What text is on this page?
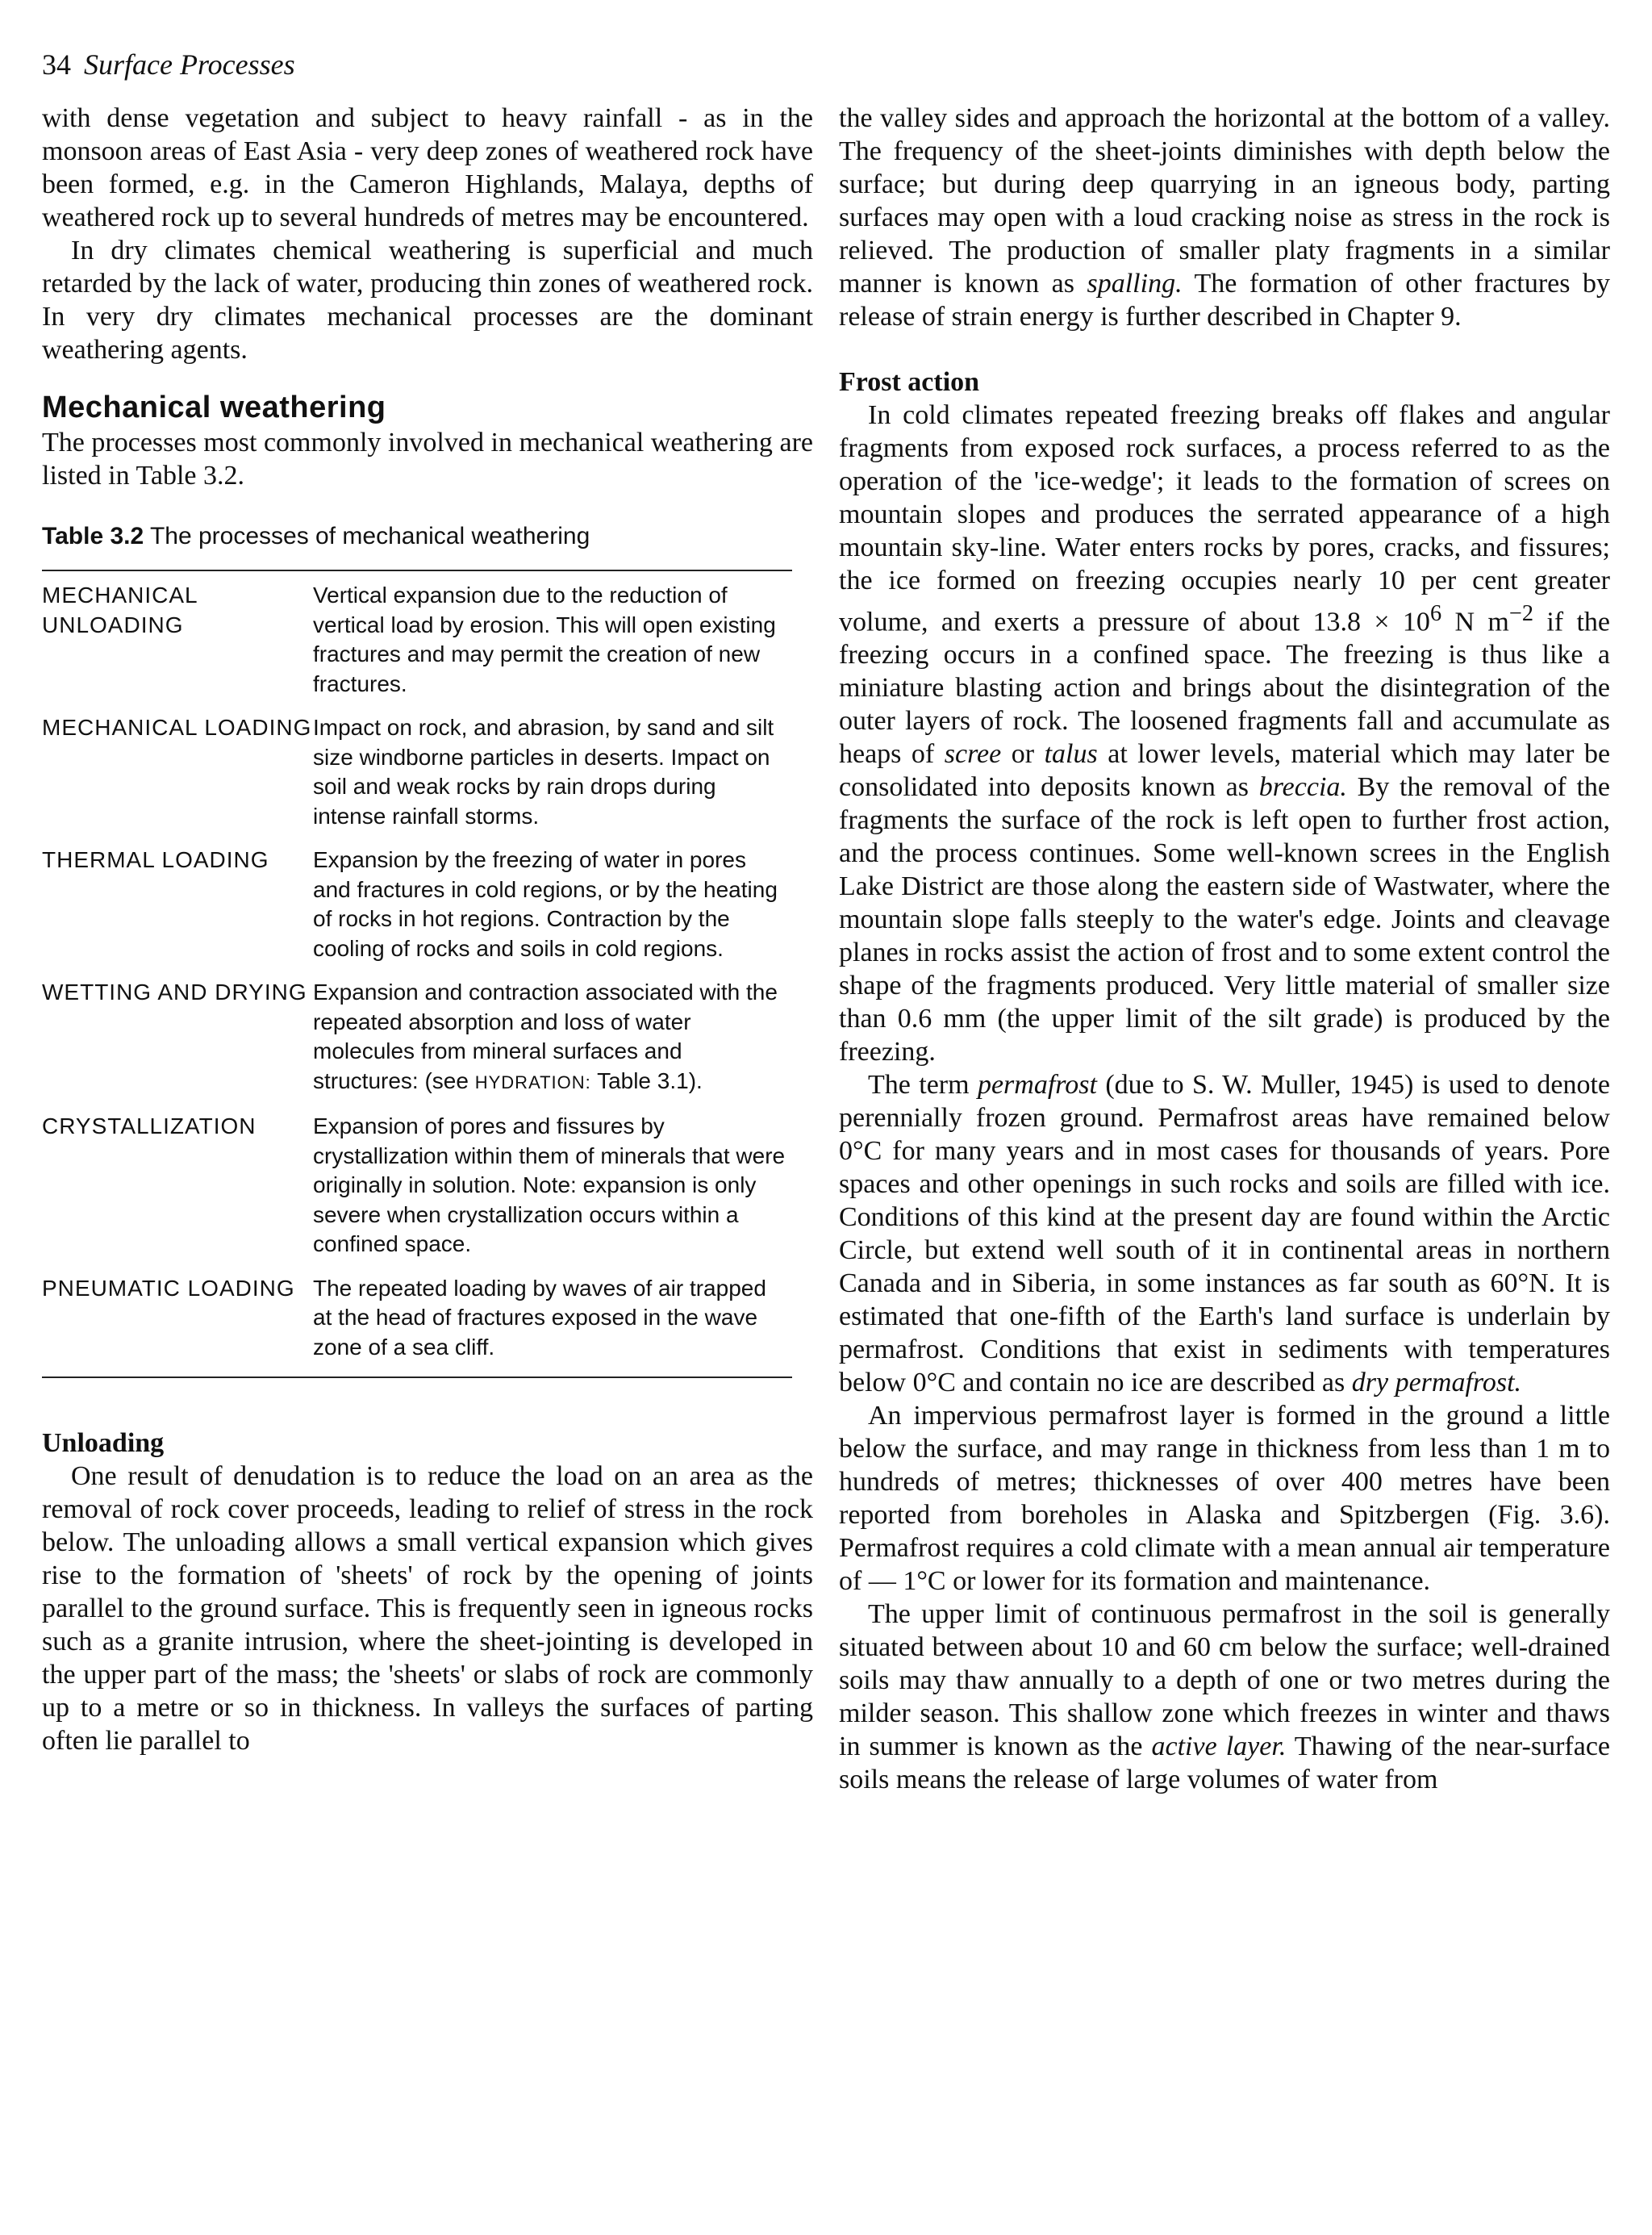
34 Surface Processes

with dense vegetation and subject to heavy rainfall - as in the monsoon areas of East Asia - very deep zones of weathered rock have been formed, e.g. in the Cameron Highlands, Malaya, depths of weathered rock up to several hundreds of metres may be encountered.

In dry climates chemical weathering is superficial and much retarded by the lack of water, producing thin zones of weathered rock. In very dry climates mechanical processes are the dominant weathering agents.

Mechanical weathering

The processes most commonly involved in mechanical weathering are listed in Table 3.2.

Table 3.2 The processes of mechanical weathering
MECHANICAL UNLOADING
Vertical expansion due to the reduction of vertical load by erosion. This will open existing fractures and may permit the creation of new fractures.
MECHANICAL LOADING Impact on rock, and abrasion, by sand and silt size windborne particles in deserts. Impact on soil and weak rocks by rain drops during intense rainfall storms.
THERMAL LOADING	Expansion by the freezing of water in pores and fractures in cold regions, or by the heating of rocks in hot regions. Contraction by the cooling of rocks and soils in cold regions.
WETTING AND DRYING Expansion and contraction associated with the repeated absorption and loss of water molecules from mineral surfaces and structures: (see HYDRATION: Table 3.1).
CRYSTALLIZATION	Expansion of pores and fissures by crystallization within them of minerals that were originally in solution. Note: expansion is only severe when crystallization occurs within a confined space.
PNEUMATIC LOADING The repeated loading by waves of air trapped at the head of fractures exposed in the wave zone of a sea cliff.
Unloading

One result of denudation is to reduce the load on an area as the removal of rock cover proceeds, leading to relief of stress in the rock below. The unloading allows a small vertical expansion which gives rise to the formation of 'sheets' of rock by the opening of joints parallel to the ground surface. This is frequently seen in igneous rocks such as a granite intrusion, where the sheet-jointing is developed in the upper part of the mass; the 'sheets' or slabs of rock are commonly up to a metre or so in thickness. In valleys the surfaces of parting often lie parallel to

the valley sides and approach the horizontal at the bottom of a valley. The frequency of the sheet-joints diminishes with depth below the surface; but during deep quarrying in an igneous body, parting surfaces may open with a loud cracking noise as stress in the rock is relieved. The production of smaller platy fragments in a similar manner is known as spalling. The formation of other fractures by release of strain energy is further described in Chapter 9.

Frost action

In cold climates repeated freezing breaks off flakes and angular fragments from exposed rock surfaces, a process referred to as the operation of the 'ice-wedge'; it leads to the formation of screes on mountain slopes and produces the serrated appearance of a high mountain sky-line. Water enters rocks by pores, cracks, and fissures; the ice formed on freezing occupies nearly 10 per cent greater volume, and exerts a pressure of about $13.8 \times 10^6$ N $m^{-2}$ if the freezing occurs in a confined space. The freezing is thus like a miniature blasting action and brings about the disintegration of the outer layers of rock. The loosened fragments fall and accumulate as heaps of scree or talus at lower levels, material which may later be consolidated into deposits known as breccia. By the removal of the fragments the surface of the rock is left open to further frost action, and the process continues. Some well-known screes in the English Lake District are those along the eastern side of Wastwater, where the mountain slope falls steeply to the water's edge. Joints and cleavage planes in rocks assist the action of frost and to some extent control the shape of the fragments produced. Very little material of smaller size than 0.6 mm (the upper limit of the silt grade) is produced by the freezing.

The term permafrost (due to S. W. Muller, 1945) is used to denote perennially frozen ground. Permafrost areas have remained below 0°C for many years and in most cases for thousands of years. Pore spaces and other openings in such rocks and soils are filled with ice. Conditions of this kind at the present day are found within the Arctic Circle, but extend well south of it in continental areas in northern Canada and in Siberia, in some instances as far south as 60°N. It is estimated that one-fifth of the Earth's land surface is underlain by permafrost. Conditions that exist in sediments with temperatures below 0°C and contain no ice are described as dry permafrost.

An impervious permafrost layer is formed in the ground a little below the surface, and may range in thickness from less than 1 m to hundreds of metres; thicknesses of over 400 metres have been reported from boreholes in Alaska and Spitzbergen (Fig. 3.6). Permafrost requires a cold climate with a mean annual air temperature of — 1°C or lower for its formation and maintenance.

The upper limit of continuous permafrost in the soil is generally situated between about 10 and 60 cm below the surface; well-drained soils may thaw annually to a depth of one or two metres during the milder season. This shallow zone which freezes in winter and thaws in summer is known as the active layer. Thawing of the near-surface soils means the release of large volumes of water from
